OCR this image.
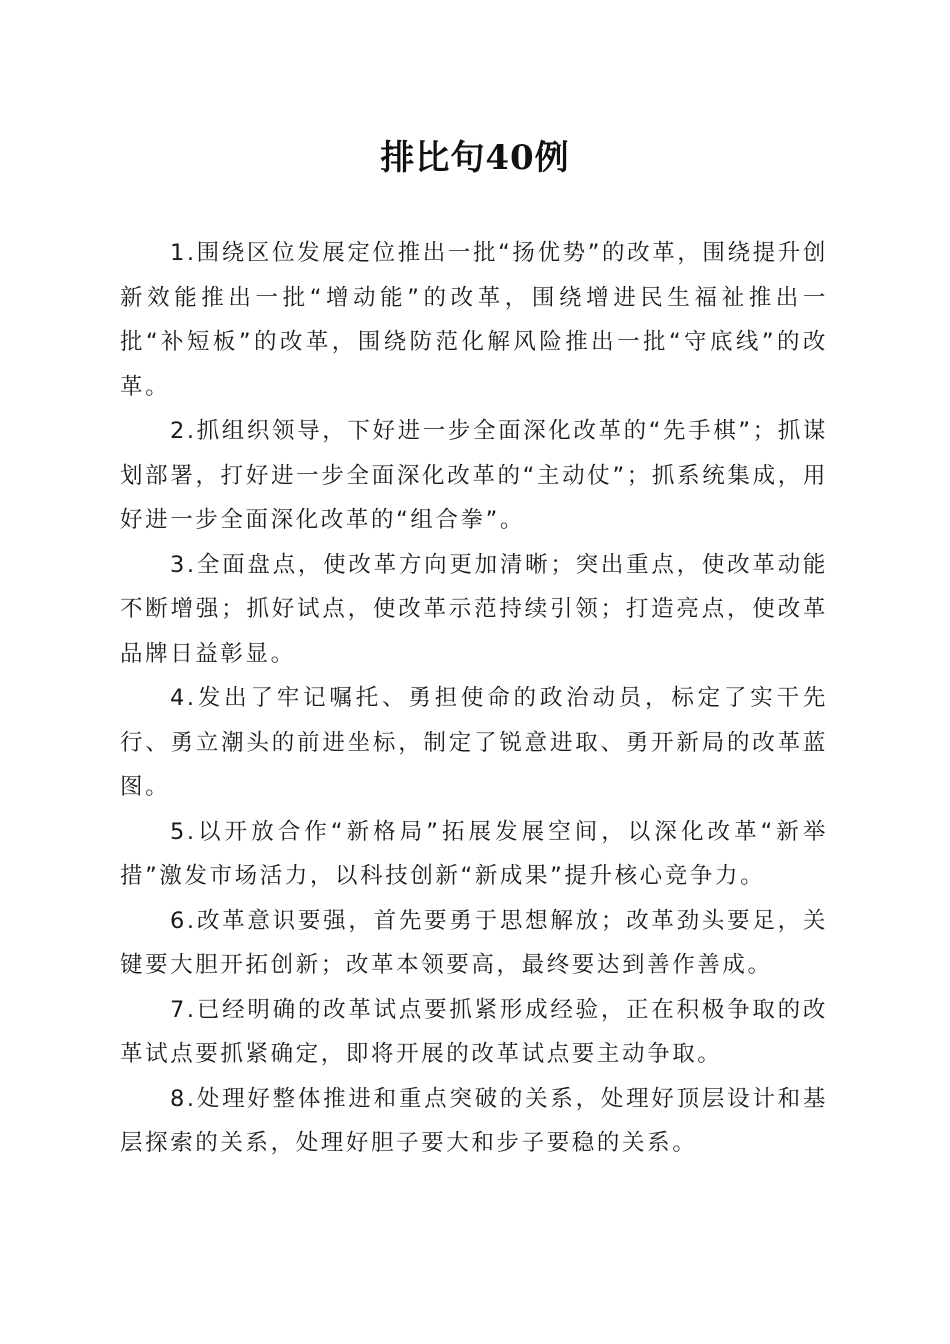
排比句40例

1.围绕区位发展定位推出一批“扬优势”的改革，围绕提升创新效能推出一批“增动能”的改革，围绕增进民生福祉推出一批“补短板”的改革，围绕防范化解风险推出一批“守底线”的改革。

2.抓组织领导，下好进一步全面深化改革的“先手棋”；抓谋划部署，打好进一步全面深化改革的“主动仗”；抓系统集成，用好进一步全面深化改革的“组合拳”。

3.全面盘点，使改革方向更加清晰；突出重点，使改革动能不断增强；抓好试点，使改革示范持续引领；打造亮点，使改革品牌日益彰显。

4.发出了牢记嘱托、勇担使命的政治动员，标定了实干先行、勇立潮头的前进坐标，制定了锐意进取、勇开新局的改革蓝图。

5.以开放合作“新格局”拓展发展空间，以深化改革“新举措”激发市场活力，以科技创新“新成果”提升核心竞争力。

6.改革意识要强，首先要勇于思想解放；改革劲头要足，关键要大胆开拓创新；改革本领要高，最终要达到善作善成。

7.已经明确的改革试点要抓紧形成经验，正在积极争取的改革试点要抓紧确定，即将开展的改革试点要主动争取。

8.处理好整体推进和重点突破的关系，处理好顶层设计和基层探索的关系，处理好胆子要大和步子要稳的关系。
